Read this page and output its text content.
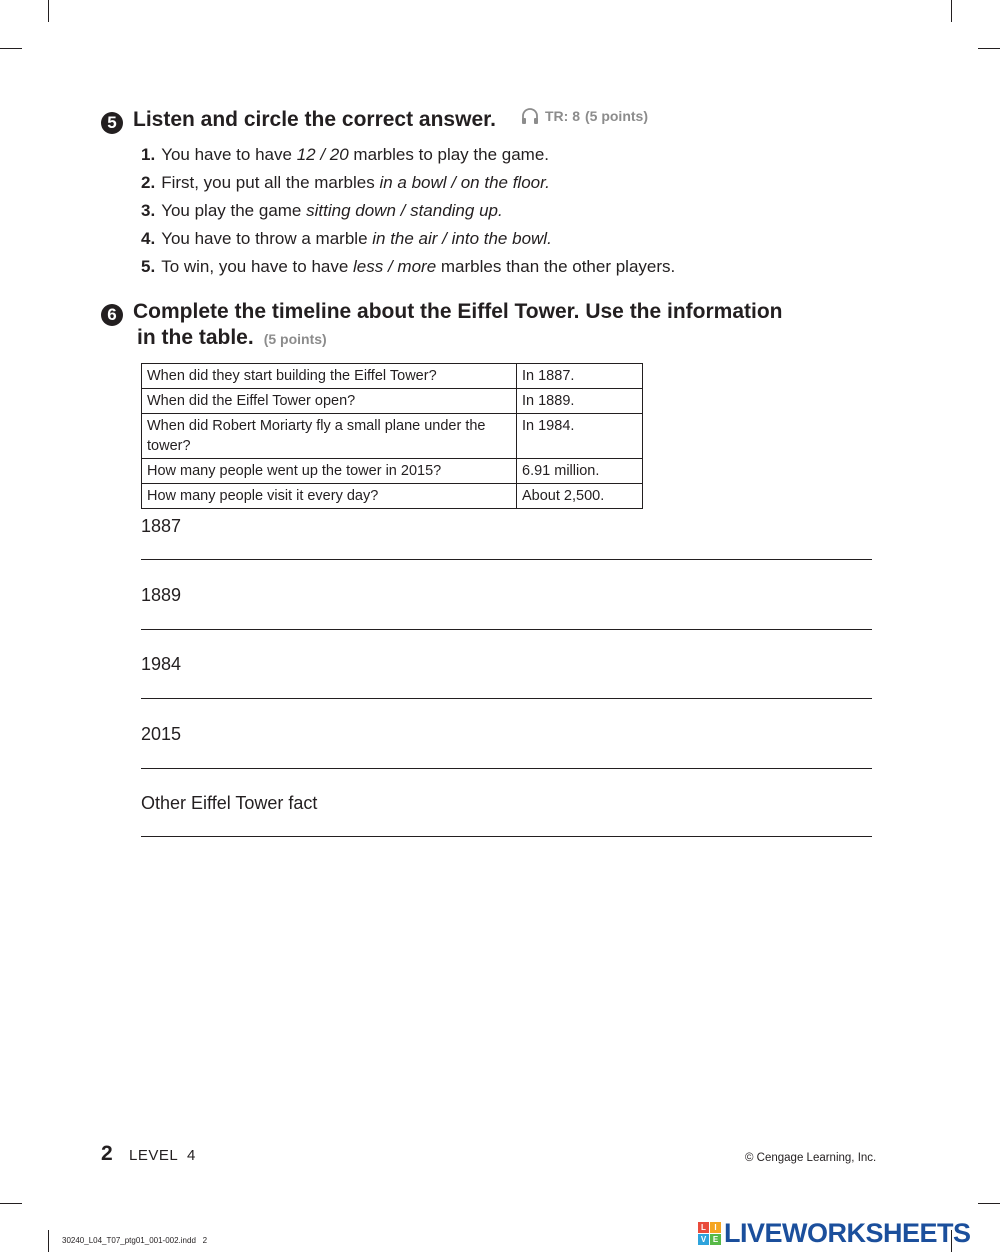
5 Listen and circle the correct answer.	TR: 8 (5 points)
1. You have to have 12 / 20 marbles to play the game.
2. First, you put all the marbles in a bowl / on the floor.
3. You play the game sitting down / standing up.
4. You have to throw a marble in the air / into the bowl.
5. To win, you have to have less / more marbles than the other players.
6 Complete the timeline about the Eiffel Tower. Use the information
in the table. (5 points)
When did they start building the Eiffel Tower?	In 1887.
When did the Eiffel Tower open?	In 1889.
When did Robert Moriarty fly a small plane under the tower?	In 1984.
How many people went up the tower in 2015?	6.91 million.
How many people visit it every day?	About 2,500.
1887
1889
1984
2015
Other Eiffel Tower fact
2 LEVEL  4	© Cengage Learning, Inc.
30240_L04_T07_ptg01_001-002.indd   2
L	I
V E LIVEWORKSHEETS
